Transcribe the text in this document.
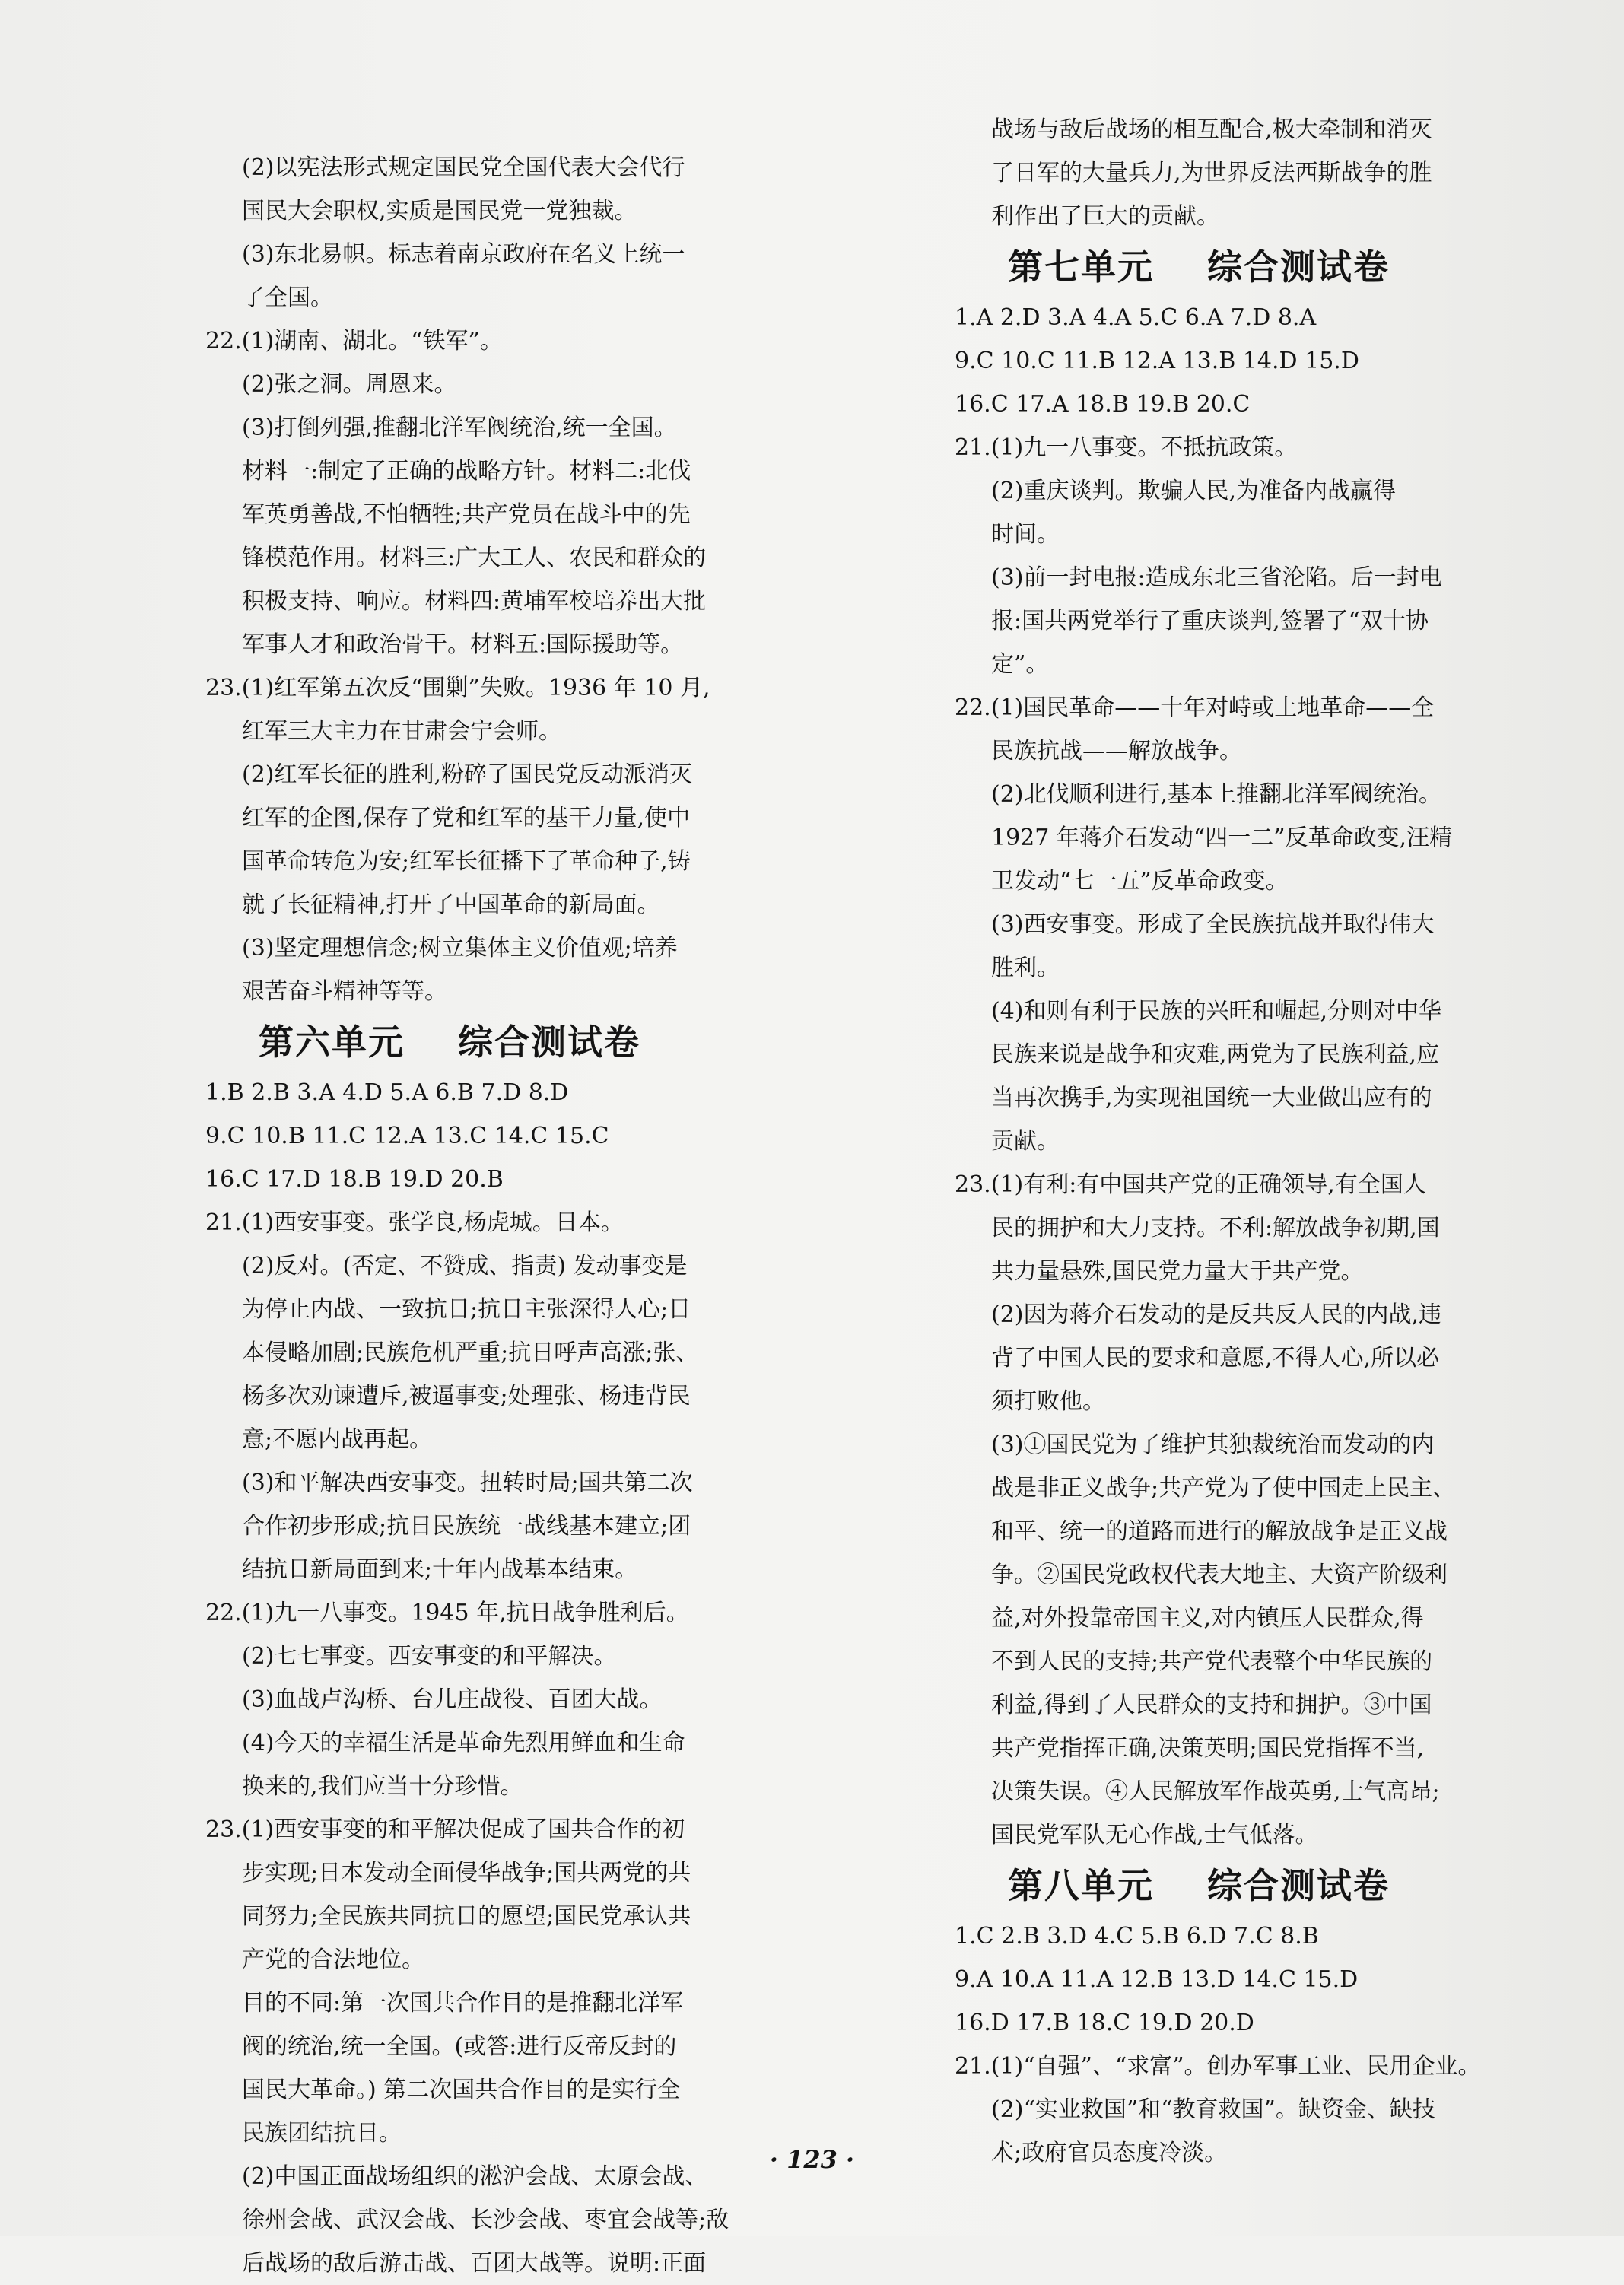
(2)以宪法形式规定国民党全国代表大会代行
国民大会职权,实质是国民党一党独裁。
(3)东北易帜。标志着南京政府在名义上统一
了全国。
22.(1)湖南、湖北。“铁军”。
(2)张之洞。周恩来。
(3)打倒列强,推翻北洋军阀统治,统一全国。
材料一:制定了正确的战略方针。材料二:北伐
军英勇善战,不怕牺牲;共产党员在战斗中的先
锋模范作用。材料三:广大工人、农民和群众的
积极支持、响应。材料四:黄埔军校培养出大批
军事人才和政治骨干。材料五:国际援助等。
23.(1)红军第五次反“围剿”失败。1936 年 10 月,
红军三大主力在甘肃会宁会师。
(2)红军长征的胜利,粉碎了国民党反动派消灭
红军的企图,保存了党和红军的基干力量,使中
国革命转危为安;红军长征播下了革命种子,铸
就了长征精神,打开了中国革命的新局面。
(3)坚定理想信念;树立集体主义价值观;培养
艰苦奋斗精神等等。
第六单元 综合测试卷
1.B 2.B 3.A 4.D 5.A 6.B 7.D 8.D
9.C 10.B 11.C 12.A 13.C 14.C 15.C
16.C 17.D 18.B 19.D 20.B
21.(1)西安事变。张学良,杨虎城。日本。
(2)反对。(否定、不赞成、指责) 发动事变是
为停止内战、一致抗日;抗日主张深得人心;日
本侵略加剧;民族危机严重;抗日呼声高涨;张、
杨多次劝谏遭斥,被逼事变;处理张、杨违背民
意;不愿内战再起。
(3)和平解决西安事变。扭转时局;国共第二次
合作初步形成;抗日民族统一战线基本建立;团
结抗日新局面到来;十年内战基本结束。
22.(1)九一八事变。1945 年,抗日战争胜利后。
(2)七七事变。西安事变的和平解决。
(3)血战卢沟桥、台儿庄战役、百团大战。
(4)今天的幸福生活是革命先烈用鲜血和生命
换来的,我们应当十分珍惜。
23.(1)西安事变的和平解决促成了国共合作的初
步实现;日本发动全面侵华战争;国共两党的共
同努力;全民族共同抗日的愿望;国民党承认共
产党的合法地位。
目的不同:第一次国共合作目的是推翻北洋军
阀的统治,统一全国。(或答:进行反帝反封的
国民大革命。) 第二次国共合作目的是实行全
民族团结抗日。
(2)中国正面战场组织的淞沪会战、太原会战、
徐州会战、武汉会战、长沙会战、枣宜会战等;敌
后战场的敌后游击战、百团大战等。说明:正面
战场与敌后战场的相互配合,极大牵制和消灭
了日军的大量兵力,为世界反法西斯战争的胜
利作出了巨大的贡献。
第七单元 综合测试卷
1.A 2.D 3.A 4.A 5.C 6.A 7.D 8.A
9.C 10.C 11.B 12.A 13.B 14.D 15.D
16.C 17.A 18.B 19.B 20.C
21.(1)九一八事变。不抵抗政策。
(2)重庆谈判。欺骗人民,为准备内战赢得
时间。
(3)前一封电报:造成东北三省沦陷。后一封电
报:国共两党举行了重庆谈判,签署了“双十协
定”。
22.(1)国民革命——十年对峙或土地革命——全
民族抗战——解放战争。
(2)北伐顺利进行,基本上推翻北洋军阀统治。
1927 年蒋介石发动“四一二”反革命政变,汪精
卫发动“七一五”反革命政变。
(3)西安事变。形成了全民族抗战并取得伟大
胜利。
(4)和则有利于民族的兴旺和崛起,分则对中华
民族来说是战争和灾难,两党为了民族利益,应
当再次携手,为实现祖国统一大业做出应有的
贡献。
23.(1)有利:有中国共产党的正确领导,有全国人
民的拥护和大力支持。不利:解放战争初期,国
共力量悬殊,国民党力量大于共产党。
(2)因为蒋介石发动的是反共反人民的内战,违
背了中国人民的要求和意愿,不得人心,所以必
须打败他。
(3)①国民党为了维护其独裁统治而发动的内
战是非正义战争;共产党为了使中国走上民主、
和平、统一的道路而进行的解放战争是正义战
争。②国民党政权代表大地主、大资产阶级利
益,对外投靠帝国主义,对内镇压人民群众,得
不到人民的支持;共产党代表整个中华民族的
利益,得到了人民群众的支持和拥护。③中国
共产党指挥正确,决策英明;国民党指挥不当,
决策失误。④人民解放军作战英勇,士气高昂;
国民党军队无心作战,士气低落。
第八单元 综合测试卷
1.C 2.B 3.D 4.C 5.B 6.D 7.C 8.B
9.A 10.A 11.A 12.B 13.D 14.C 15.D
16.D 17.B 18.C 19.D 20.D
21.(1)“自强”、“求富”。创办军事工业、民用企业。
(2)“实业救国”和“教育救国”。缺资金、缺技
术;政府官员态度冷淡。
· 123 ·
